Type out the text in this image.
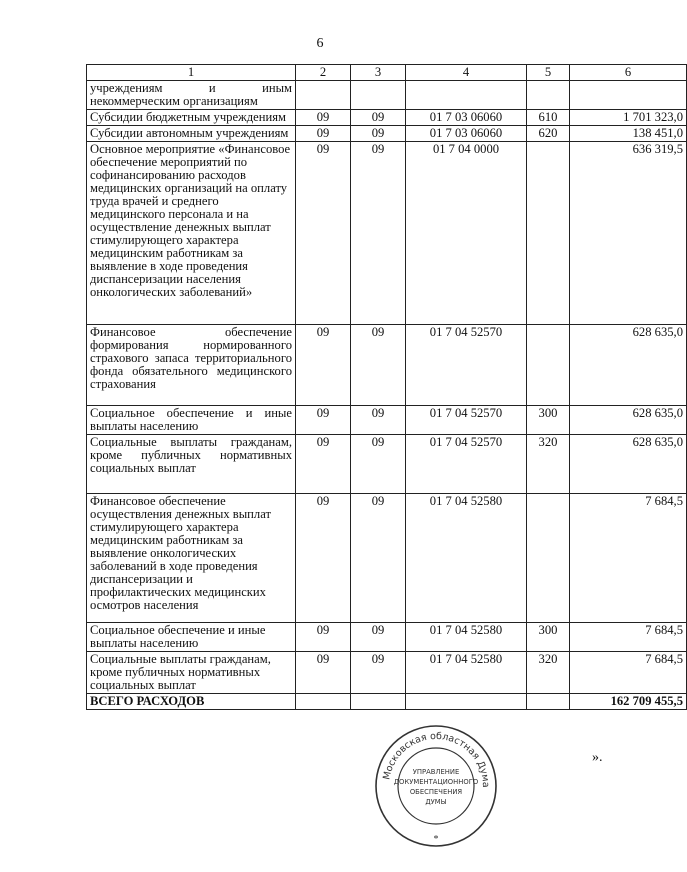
6
1	2	3	4	5	6
учреждениям и иным некоммерческим организациям					
Субсидии бюджетным учреждениям	09	09	01 7 03 06060	610	1 701 323,0
Субсидии автономным учреждениям	09	09	01 7 03 06060	620	138 451,0
Основное мероприятие «Финансовое обеспечение мероприятий по софинансированию расходов медицинских организаций на оплату труда врачей и среднего медицинского персонала и на осуществление денежных выплат стимулирующего характера медицинским работникам за выявление в ходе проведения диспансеризации населения онкологических заболеваний»	09	09	01 7 04 0000		636 319,5
Финансовое обеспечение формирования нормированного страхового запаса территориального фонда обязательного медицинского страхования	09	09	01 7 04 52570		628 635,0
Социальное обеспечение и иные выплаты населению	09	09	01 7 04 52570	300	628 635,0
Социальные выплаты гражданам, кроме публичных нормативных социальных выплат	09	09	01 7 04 52570	320	628 635,0
Финансовое обеспечение осуществления денежных выплат стимулирующего характера медицинским работникам за выявление онкологических заболеваний в ходе проведения диспансеризации и профилактических медицинских осмотров населения	09	09	01 7 04 52580		7 684,5
Социальное обеспечение и иные выплаты населению	09	09	01 7 04 52580	300	7 684,5
Социальные выплаты гражданам, кроме публичных нормативных социальных выплат	09	09	01 7 04 52580	320	7 684,5
ВСЕГО РАСХОДОВ					162 709 455,5
».
Московская областная Дума
УПРАВЛЕНИЕ
ДОКУМЕНТАЦИОННОГО
ОБЕСПЕЧЕНИЯ
ДУМЫ
*
